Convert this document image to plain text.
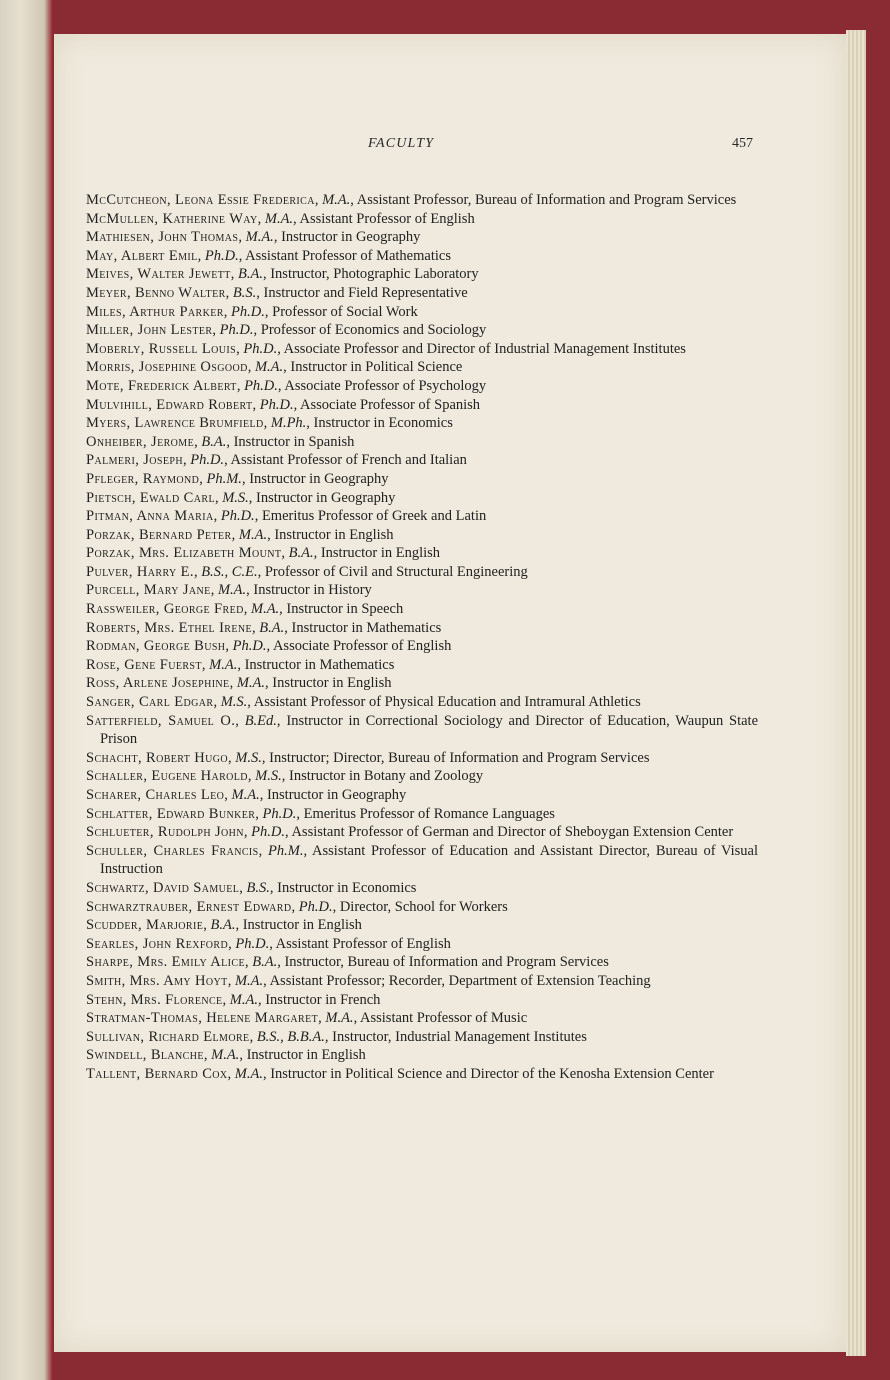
FACULTY	457
McCutcheon, Leona Essie Frederica, M.A., Assistant Professor, Bureau of Information and Program Services
McMullen, Katherine Way, M.A., Assistant Professor of English
Mathiesen, John Thomas, M.A., Instructor in Geography
May, Albert Emil, Ph.D., Assistant Professor of Mathematics
Meives, Walter Jewett, B.A., Instructor, Photographic Laboratory
Meyer, Benno Walter, B.S., Instructor and Field Representative
Miles, Arthur Parker, Ph.D., Professor of Social Work
Miller, John Lester, Ph.D., Professor of Economics and Sociology
Moberly, Russell Louis, Ph.D., Associate Professor and Director of Industrial Management Institutes
Morris, Josephine Osgood, M.A., Instructor in Political Science
Mote, Frederick Albert, Ph.D., Associate Professor of Psychology
Mulvihill, Edward Robert, Ph.D., Associate Professor of Spanish
Myers, Lawrence Brumfield, M.Ph., Instructor in Economics
Onheiber, Jerome, B.A., Instructor in Spanish
Palmeri, Joseph, Ph.D., Assistant Professor of French and Italian
Pfleger, Raymond, Ph.M., Instructor in Geography
Pietsch, Ewald Carl, M.S., Instructor in Geography
Pitman, Anna Maria, Ph.D., Emeritus Professor of Greek and Latin
Porzak, Bernard Peter, M.A., Instructor in English
Porzak, Mrs. Elizabeth Mount, B.A., Instructor in English
Pulver, Harry E., B.S., C.E., Professor of Civil and Structural Engineering
Purcell, Mary Jane, M.A., Instructor in History
Rassweiler, George Fred, M.A., Instructor in Speech
Roberts, Mrs. Ethel Irene, B.A., Instructor in Mathematics
Rodman, George Bush, Ph.D., Associate Professor of English
Rose, Gene Fuerst, M.A., Instructor in Mathematics
Ross, Arlene Josephine, M.A., Instructor in English
Sanger, Carl Edgar, M.S., Assistant Professor of Physical Education and Intramural Athletics
Satterfield, Samuel O., B.Ed., Instructor in Correctional Sociology and Director of Education, Waupun State Prison
Schacht, Robert Hugo, M.S., Instructor; Director, Bureau of Information and Program Services
Schaller, Eugene Harold, M.S., Instructor in Botany and Zoology
Scharer, Charles Leo, M.A., Instructor in Geography
Schlatter, Edward Bunker, Ph.D., Emeritus Professor of Romance Languages
Schlueter, Rudolph John, Ph.D., Assistant Professor of German and Director of Sheboygan Extension Center
Schuller, Charles Francis, Ph.M., Assistant Professor of Education and Assistant Director, Bureau of Visual Instruction
Schwartz, David Samuel, B.S., Instructor in Economics
Schwarztrauber, Ernest Edward, Ph.D., Director, School for Workers
Scudder, Marjorie, B.A., Instructor in English
Searles, John Rexford, Ph.D., Assistant Professor of English
Sharpe, Mrs. Emily Alice, B.A., Instructor, Bureau of Information and Program Services
Smith, Mrs. Amy Hoyt, M.A., Assistant Professor; Recorder, Department of Extension Teaching
Stehn, Mrs. Florence, M.A., Instructor in French
Stratman-Thomas, Helene Margaret, M.A., Assistant Professor of Music
Sullivan, Richard Elmore, B.S., B.B.A., Instructor, Industrial Management Institutes
Swindell, Blanche, M.A., Instructor in English
Tallent, Bernard Cox, M.A., Instructor in Political Science and Director of the Kenosha Extension Center
